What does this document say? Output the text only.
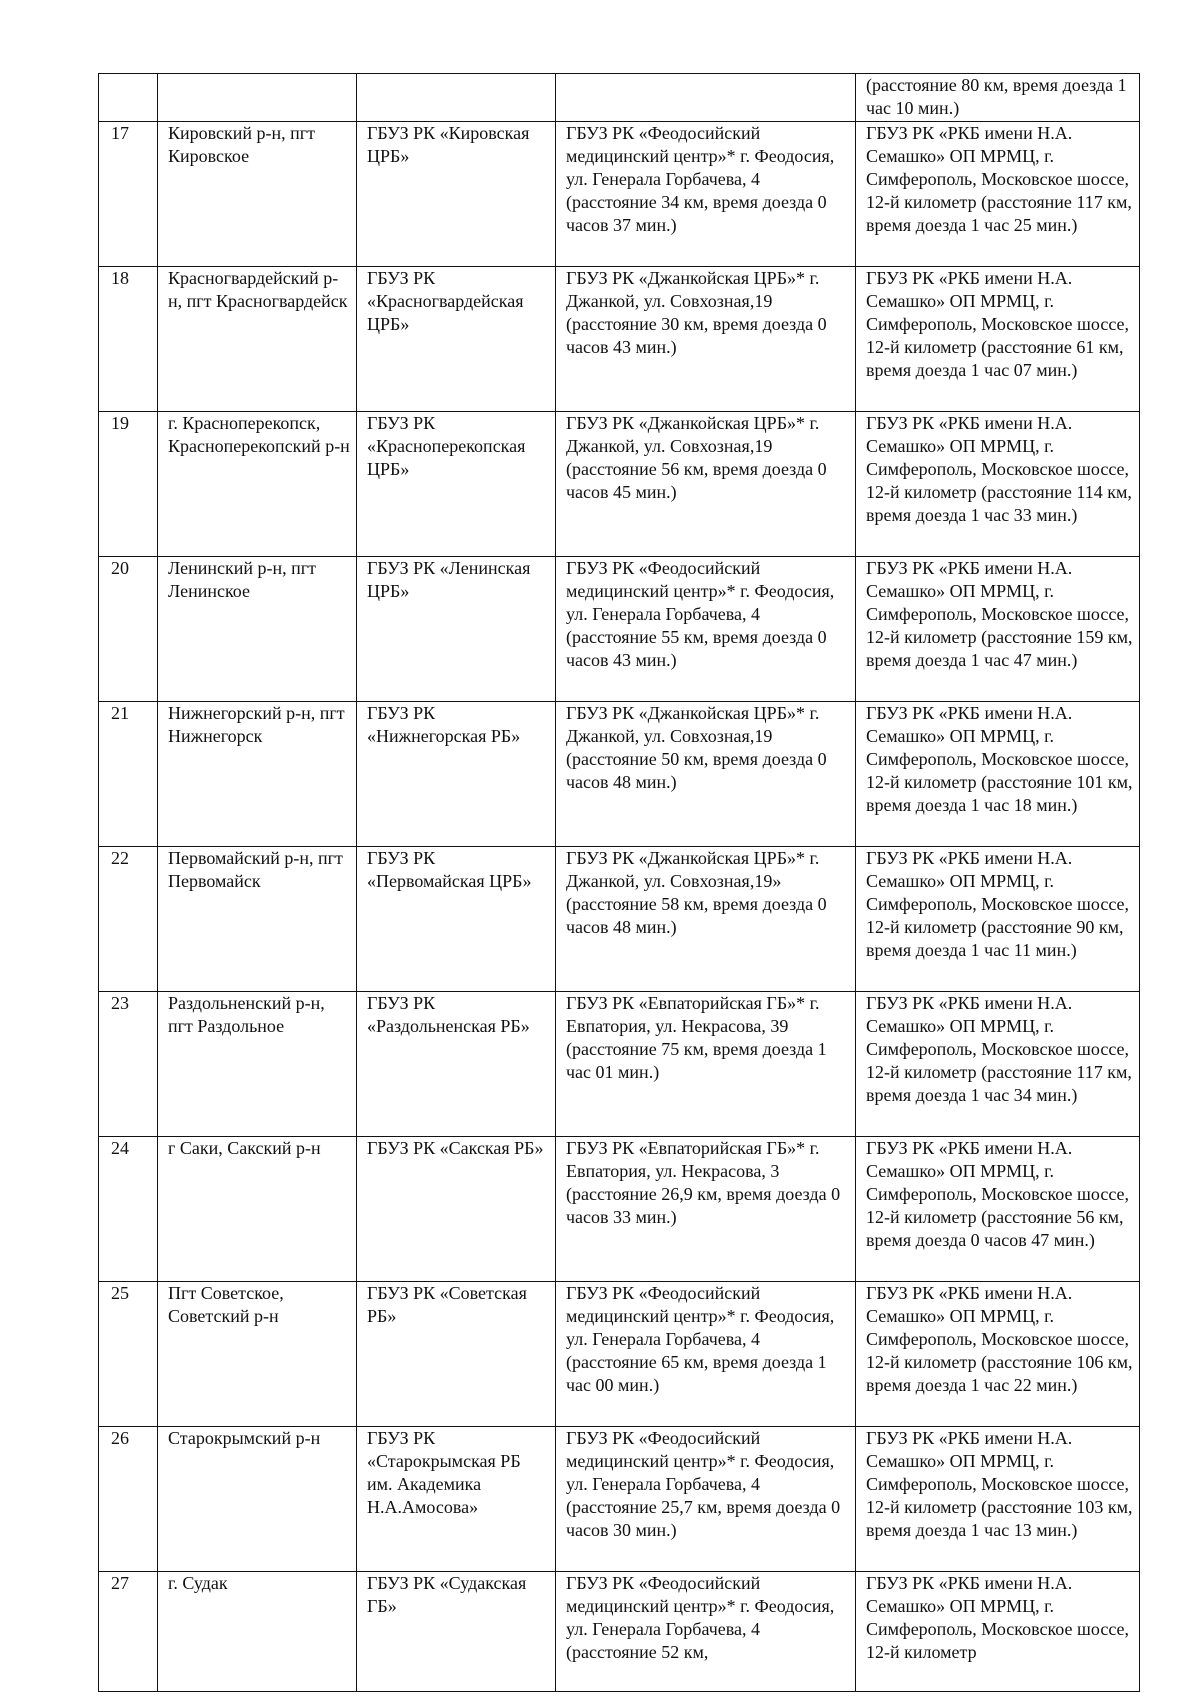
				(расстояние 80 км, время доезда 1 час 10 мин.)
17	Кировский р-н, пгт Кировское	ГБУЗ РК «Кировская ЦРБ»	ГБУЗ РК «Феодосийский медицинский центр»* г. Феодосия, ул. Генерала Горбачева, 4 (расстояние 34 км, время доезда 0 часов 37 мин.)	ГБУЗ РК «РКБ имени Н.А. Семашко» ОП МРМЦ, г. Симферополь, Московское шоссе, 12-й километр (расстояние 117 км, время доезда 1 час 25 мин.)
18	Красногвардейский р-н, пгт Красногвардейск	ГБУЗ РК «Красногвардейская ЦРБ»	ГБУЗ РК «Джанкойская ЦРБ»* г. Джанкой, ул. Совхозная,19 (расстояние 30 км, время доезда 0 часов 43 мин.)	ГБУЗ РК «РКБ имени Н.А. Семашко» ОП МРМЦ, г. Симферополь, Московское шоссе, 12-й километр (расстояние 61 км, время доезда 1 час 07 мин.)
19	г. Красноперекопск, Красноперекопский р-н	ГБУЗ РК «Красноперекопская ЦРБ»	ГБУЗ РК «Джанкойская ЦРБ»* г. Джанкой, ул. Совхозная,19 (расстояние 56 км, время доезда 0 часов 45 мин.)	ГБУЗ РК «РКБ имени Н.А. Семашко» ОП МРМЦ, г. Симферополь, Московское шоссе, 12-й километр (расстояние 114 км, время доезда 1 час 33 мин.)
20	Ленинский р-н, пгт Ленинское	ГБУЗ РК «Ленинская ЦРБ»	ГБУЗ РК «Феодосийский медицинский центр»* г. Феодосия, ул. Генерала Горбачева, 4 (расстояние 55 км, время доезда 0 часов 43 мин.)	ГБУЗ РК «РКБ имени Н.А. Семашко» ОП МРМЦ, г. Симферополь, Московское шоссе, 12-й километр (расстояние 159 км, время доезда 1 час 47 мин.)
21	Нижнегорский р-н, пгт Нижнегорск	ГБУЗ РК «Нижнегорская РБ»	ГБУЗ РК «Джанкойская ЦРБ»* г. Джанкой, ул. Совхозная,19 (расстояние 50 км, время доезда 0 часов 48 мин.)	ГБУЗ РК «РКБ имени Н.А. Семашко» ОП МРМЦ, г. Симферополь, Московское шоссе, 12-й километр (расстояние 101 км, время доезда 1 час 18 мин.)
22	Первомайский р-н, пгт Первомайск	ГБУЗ РК «Первомайская ЦРБ»	ГБУЗ РК «Джанкойская ЦРБ»* г. Джанкой, ул. Совхозная,19» (расстояние 58 км, время доезда 0 часов 48 мин.)	ГБУЗ РК «РКБ имени Н.А. Семашко» ОП МРМЦ, г. Симферополь, Московское шоссе, 12-й километр (расстояние 90 км, время доезда 1 час 11 мин.)
23	Раздольненский р-н, пгт Раздольное	ГБУЗ РК «Раздольненская РБ»	ГБУЗ РК «Евпаторийская ГБ»* г. Евпатория, ул. Некрасова, 39 (расстояние 75 км, время доезда 1 час 01 мин.)	ГБУЗ РК «РКБ имени Н.А. Семашко» ОП МРМЦ, г. Симферополь, Московское шоссе, 12-й километр (расстояние 117 км, время доезда 1 час 34 мин.)
24	г Саки, Сакский р-н	ГБУЗ РК «Сакская РБ»	ГБУЗ РК «Евпаторийская ГБ»* г. Евпатория, ул. Некрасова, 3 (расстояние 26,9 км, время доезда 0 часов 33 мин.)	ГБУЗ РК «РКБ имени Н.А. Семашко» ОП МРМЦ, г. Симферополь, Московское шоссе, 12-й километр (расстояние 56 км, время доезда 0 часов 47 мин.)
25	Пгт Советское, Советский р-н	ГБУЗ РК «Советская РБ»	ГБУЗ РК «Феодосийский медицинский центр»* г. Феодосия, ул. Генерала Горбачева, 4 (расстояние 65 км, время доезда 1 час 00 мин.)	ГБУЗ РК «РКБ имени Н.А. Семашко» ОП МРМЦ, г. Симферополь, Московское шоссе, 12-й километр (расстояние 106 км, время доезда 1 час 22 мин.)
26	Старокрымский р-н	ГБУЗ РК «Старокрымская РБ им. Академика Н.А.Амосова»	ГБУЗ РК «Феодосийский медицинский центр»* г. Феодосия, ул. Генерала Горбачева, 4 (расстояние 25,7 км, время доезда 0 часов 30 мин.)	ГБУЗ РК «РКБ имени Н.А. Семашко» ОП МРМЦ, г. Симферополь, Московское шоссе, 12-й километр (расстояние 103 км, время доезда 1 час 13 мин.)
27	г. Судак	ГБУЗ РК «Судакская ГБ»	ГБУЗ РК «Феодосийский медицинский центр»* г. Феодосия, ул. Генерала Горбачева, 4 (расстояние 52 км,	ГБУЗ РК «РКБ имени Н.А. Семашко» ОП МРМЦ, г. Симферополь, Московское шоссе, 12-й километр
